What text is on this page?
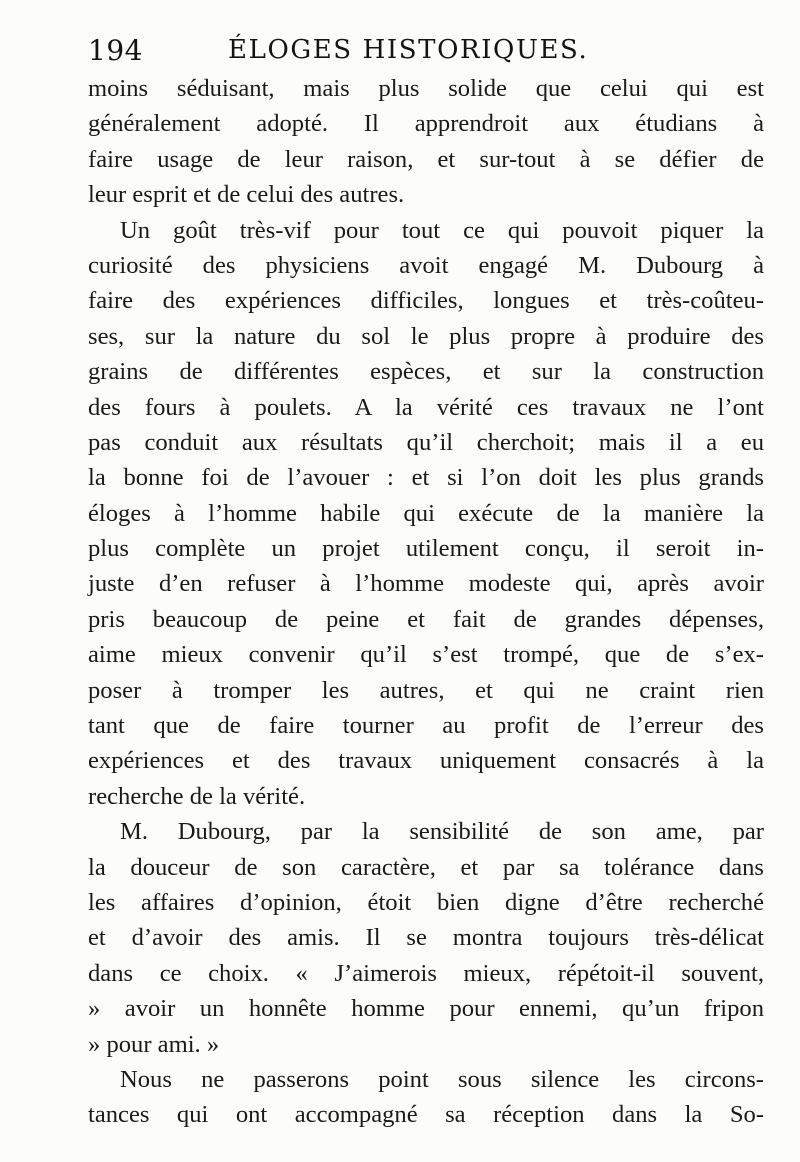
194	ÉLOGES HISTORIQUES.
moins séduisant, mais plus solide que celui qui est
généralement adopté. Il apprendroit aux étudians à
faire usage de leur raison, et sur-tout à se défier de
leur esprit et de celui des autres.
Un goût très-vif pour tout ce qui pouvoit piquer la
curiosité des physiciens avoit engagé M. Dubourg à
faire des expériences difficiles, longues et très-coûteu-
ses, sur la nature du sol le plus propre à produire des
grains de différentes espèces, et sur la construction
des fours à poulets. A la vérité ces travaux ne l’ont
pas conduit aux résultats qu’il cherchoit; mais il a eu
la bonne foi de l’avouer : et si l’on doit les plus grands
éloges à l’homme habile qui exécute de la manière la
plus complète un projet utilement conçu, il seroit in-
juste d’en refuser à l’homme modeste qui, après avoir
pris beaucoup de peine et fait de grandes dépenses,
aime mieux convenir qu’il s’est trompé, que de s’ex-
poser à tromper les autres, et qui ne craint rien
tant que de faire tourner au profit de l’erreur des
expériences et des travaux uniquement consacrés à la
recherche de la vérité.
M. Dubourg, par la sensibilité de son ame, par
la douceur de son caractère, et par sa tolérance dans
les affaires d’opinion, étoit bien digne d’être recherché
et d’avoir des amis. Il se montra toujours très-délicat
dans ce choix. « J’aimerois mieux, répétoit-il souvent,
» avoir un honnête homme pour ennemi, qu’un fripon
» pour ami. »
Nous ne passerons point sous silence les circons-
tances qui ont accompagné sa réception dans la So-
